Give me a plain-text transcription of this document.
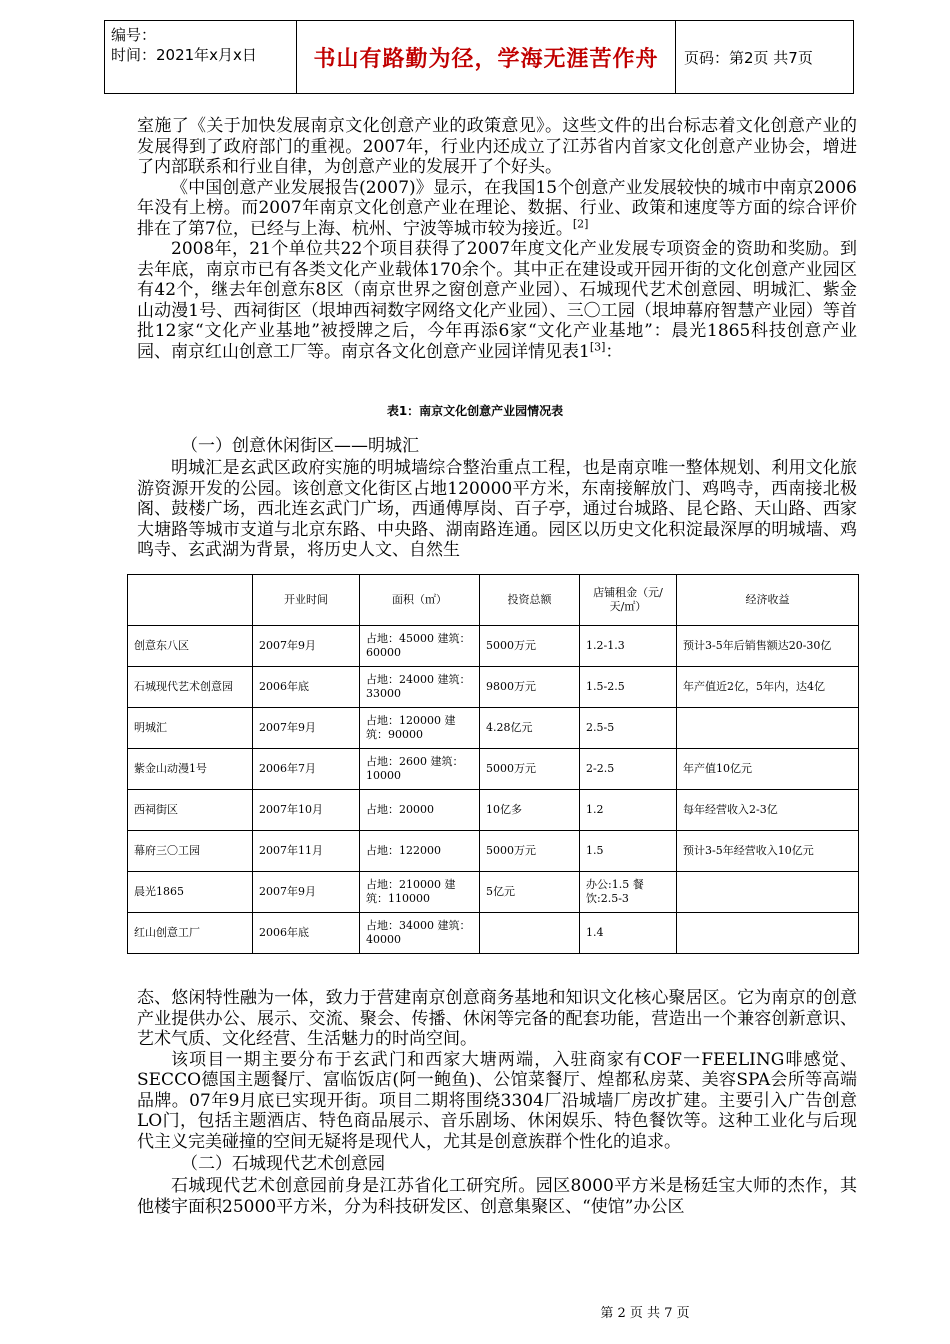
编号：
时间：2021年x月x日	书山有路勤为径，学海无涯苦作舟	页码：第2页 共7页

室施了《关于加快发展南京文化创意产业的政策意见》。这些文件的出台标志着文化创意产业的发展得到了政府部门的重视。2007年，行业内还成立了江苏省内首家文化创意产业协会，增进了内部联系和行业自律，为创意产业的发展开了个好头。

《中国创意产业发展报告(2007)》显示，在我国15个创意产业发展较快的城市中南京2006年没有上榜。而2007年南京文化创意产业在理论、数据、行业、政策和速度等方面的综合评价排在了第7位，已经与上海、杭州、宁波等城市较为接近。[2]

2008年，21个单位共22个项目获得了2007年度文化产业发展专项资金的资助和奖励。到去年底，南京市已有各类文化产业载体170余个。其中正在建设或开园开街的文化创意产业园区有42个，继去年创意东8区（南京世界之窗创意产业园）、石城现代艺术创意园、明城汇、紫金山动漫1号、西祠街区（垠坤西祠数字网络文化产业园）、三〇工园（垠坤幕府智慧产业园）等首批12家“文化产业基地”被授牌之后，今年再添6家“文化产业基地”：晨光1865科技创意产业园、南京红山创意工厂等。南京各文化创意产业园详情见表1[3]：

表1：南京文化创意产业园情况表
（一）创意休闲街区——明城汇

明城汇是玄武区政府实施的明城墙综合整治重点工程，也是南京唯一整体规划、利用文化旅游资源开发的公园。该创意文化街区占地120000平方米，东南接解放门、鸡鸣寺，西南接北极阁、鼓楼广场，西北连玄武门广场，西通傅厚岗、百子亭，通过台城路、昆仑路、天山路、西家大塘路等城市支道与北京东路、中央路、湖南路连通。园区以历史文化积淀最深厚的明城墙、鸡鸣寺、玄武湖为背景，将历史人文、自然生

	开业时间	面积（㎡）	投资总额	店铺租金（元/天/㎡）	经济收益
创意东八区	2007年9月	占地：45000 建筑：60000	5000万元	1.2-1.3	预计3-5年后销售额达20-30亿
石城现代艺术创意园	2006年底	占地：24000 建筑：33000	9800万元	1.5-2.5	年产值近2亿，5年内，达4亿
明城汇	2007年9月	占地：120000 建筑：90000	4.28亿元	2.5-5	
紫金山动漫1号	2006年7月	占地：2600 建筑：10000	5000万元	2-2.5	年产值10亿元
西祠街区	2007年10月	占地：20000	10亿多	1.2	每年经营收入2-3亿
幕府三〇工园	2007年11月	占地：122000	5000万元	1.5	预计3-5年经营收入10亿元
晨光1865	2007年9月	占地：210000 建筑：110000	5亿元	办公:1.5 餐饮:2.5-3	
红山创意工厂	2006年底	占地：34000 建筑：40000		1.4	

态、悠闲特性融为一体，致力于营建南京创意商务基地和知识文化核心聚居区。它为南京的创意产业提供办公、展示、交流、聚会、传播、休闲等完备的配套功能，营造出一个兼容创新意识、艺术气质、文化经营、生活魅力的时尚空间。

该项目一期主要分布于玄武门和西家大塘两端，入驻商家有COF一FEELING啡感觉、SECCO德国主题餐厅、富临饭店(阿一鲍鱼)、公馆菜餐厅、煌都私房菜、美容SPA会所等高端品牌。07年9月底已实现开街。项目二期将围绕3304厂沿城墙厂房改扩建。主要引入广告创意LO门，包括主题酒店、特色商品展示、音乐剧场、休闲娱乐、特色餐饮等。这种工业化与后现代主义完美碰撞的空间无疑将是现代人，尤其是创意族群个性化的追求。

（二）石城现代艺术创意园

石城现代艺术创意园前身是江苏省化工研究所。园区8000平方米是杨廷宝大师的杰作，其他楼宇面积25000平方米，分为科技研发区、创意集聚区、“使馆”办公区

第 2 页 共 7 页
